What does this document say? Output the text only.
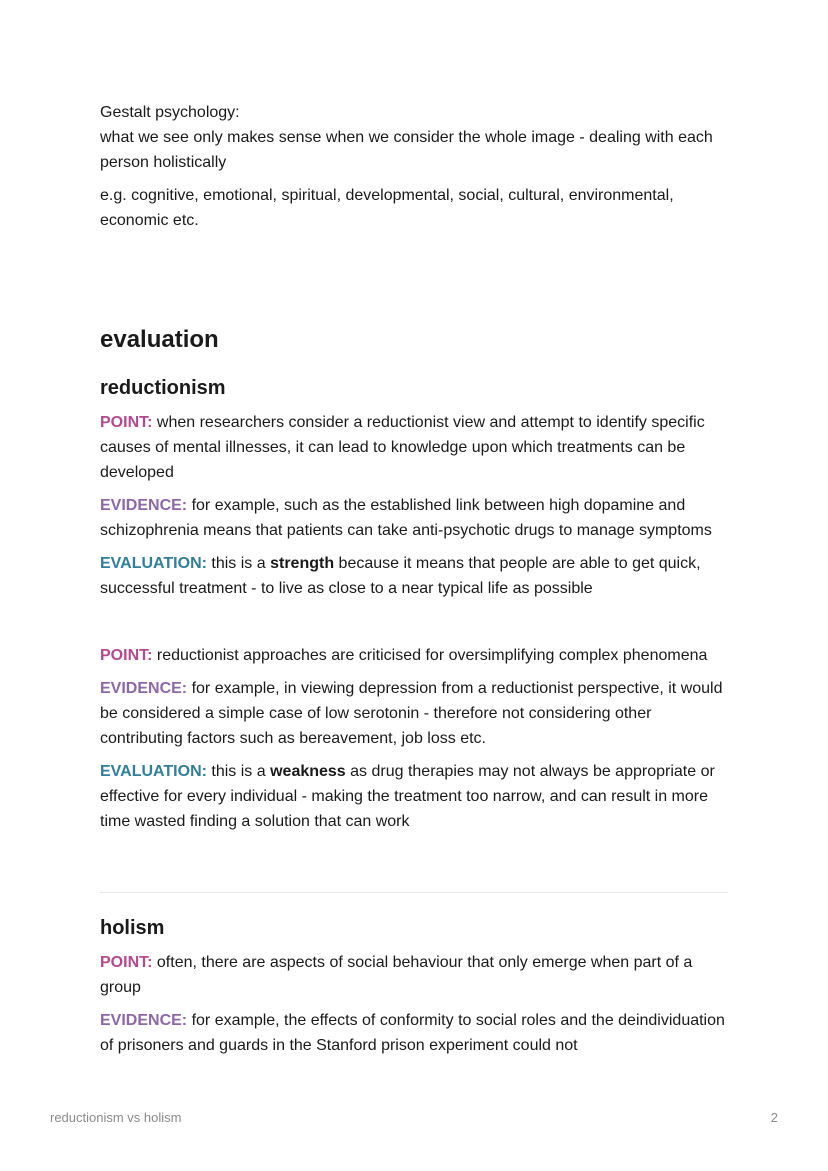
Gestalt psychology:

what we see only makes sense when we consider the whole image - dealing with each person holistically

e.g. cognitive, emotional, spiritual, developmental, social, cultural, environmental, economic etc.

evaluation
reductionism

POINT: when researchers consider a reductionist view and attempt to identify specific causes of mental illnesses, it can lead to knowledge upon which treatments can be developed

EVIDENCE: for example, such as the established link between high dopamine and schizophrenia means that patients can take anti-psychotic drugs to manage symptoms

EVALUATION: this is a strength because it means that people are able to get quick, successful treatment - to live as close to a near typical life as possible

POINT: reductionist approaches are criticised for oversimplifying complex phenomena

EVIDENCE: for example, in viewing depression from a reductionist perspective, it would be considered a simple case of low serotonin - therefore not considering other contributing factors such as bereavement, job loss etc.

EVALUATION: this is a weakness as drug therapies may not always be appropriate or effective for every individual - making the treatment too narrow, and can result in more time wasted finding a solution that can work

holism

POINT: often, there are aspects of social behaviour that only emerge when part of a group

EVIDENCE: for example, the effects of conformity to social roles and the deindividuation of prisoners and guards in the Stanford prison experiment could not

reductionism vs holism	2
